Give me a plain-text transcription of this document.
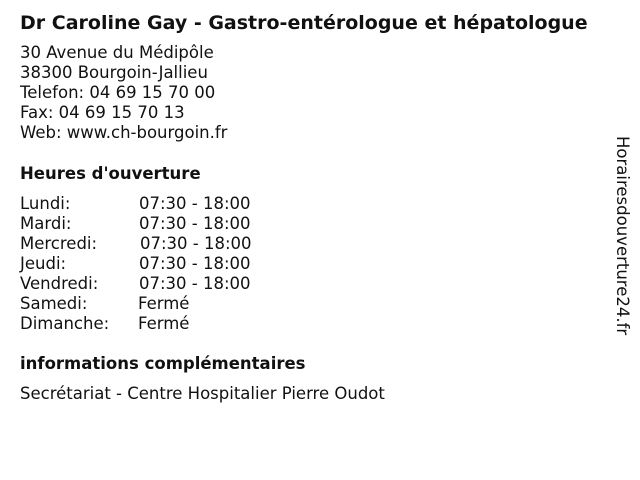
Dr Caroline Gay - Gastro-entérologue et hépatologue
30 Avenue du Médipôle
38300 Bourgoin-Jallieu
Telefon: 04 69 15 70 00
Fax: 04 69 15 70 13
Web: www.ch-bourgoin.fr
Heures d'ouverture
Lundi:	07:30 - 18:00
Mardi:	07:30 - 18:00
Mercredi:	07:30 - 18:00
Jeudi:	07:30 - 18:00
Vendredi: 07:30 - 18:00
Samedi:	Fermé
Dimanche: Fermé
informations complémentaires
Secrétariat - Centre Hospitalier Pierre Oudot
Horairesdouverture24.fr
